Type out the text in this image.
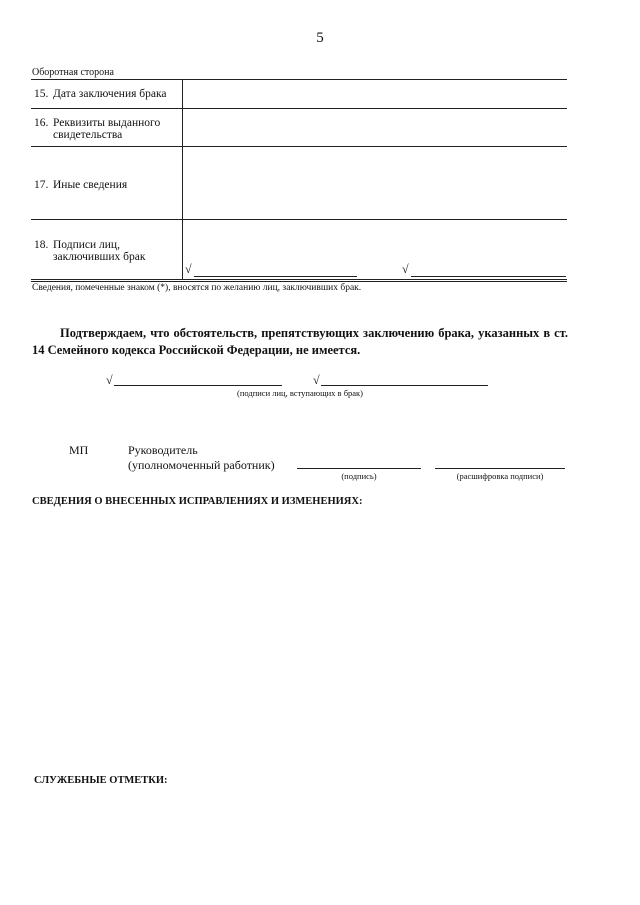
5
Оборотная сторона
15. Дата заключения брака
16. Реквизиты выданного свидетельства
17. Иные сведения
18. Подписи лиц, заключивших брак
√	√
Сведения, помеченные знаком (*), вносятся по желанию лиц, заключивших брак.
Подтверждаем, что обстоятельств, препятствующих заключению брака, указанных в ст. 14 Семейного кодекса Российской Федерации, не имеется.
√	√
(подписи лиц, вступающих в брак)
МП	Руководитель
(уполномоченный работник)
(подпись)	(расшифровка подписи)
СВЕДЕНИЯ О ВНЕСЕННЫХ ИСПРАВЛЕНИЯХ И ИЗМЕНЕНИЯХ:
СЛУЖЕБНЫЕ ОТМЕТКИ:
